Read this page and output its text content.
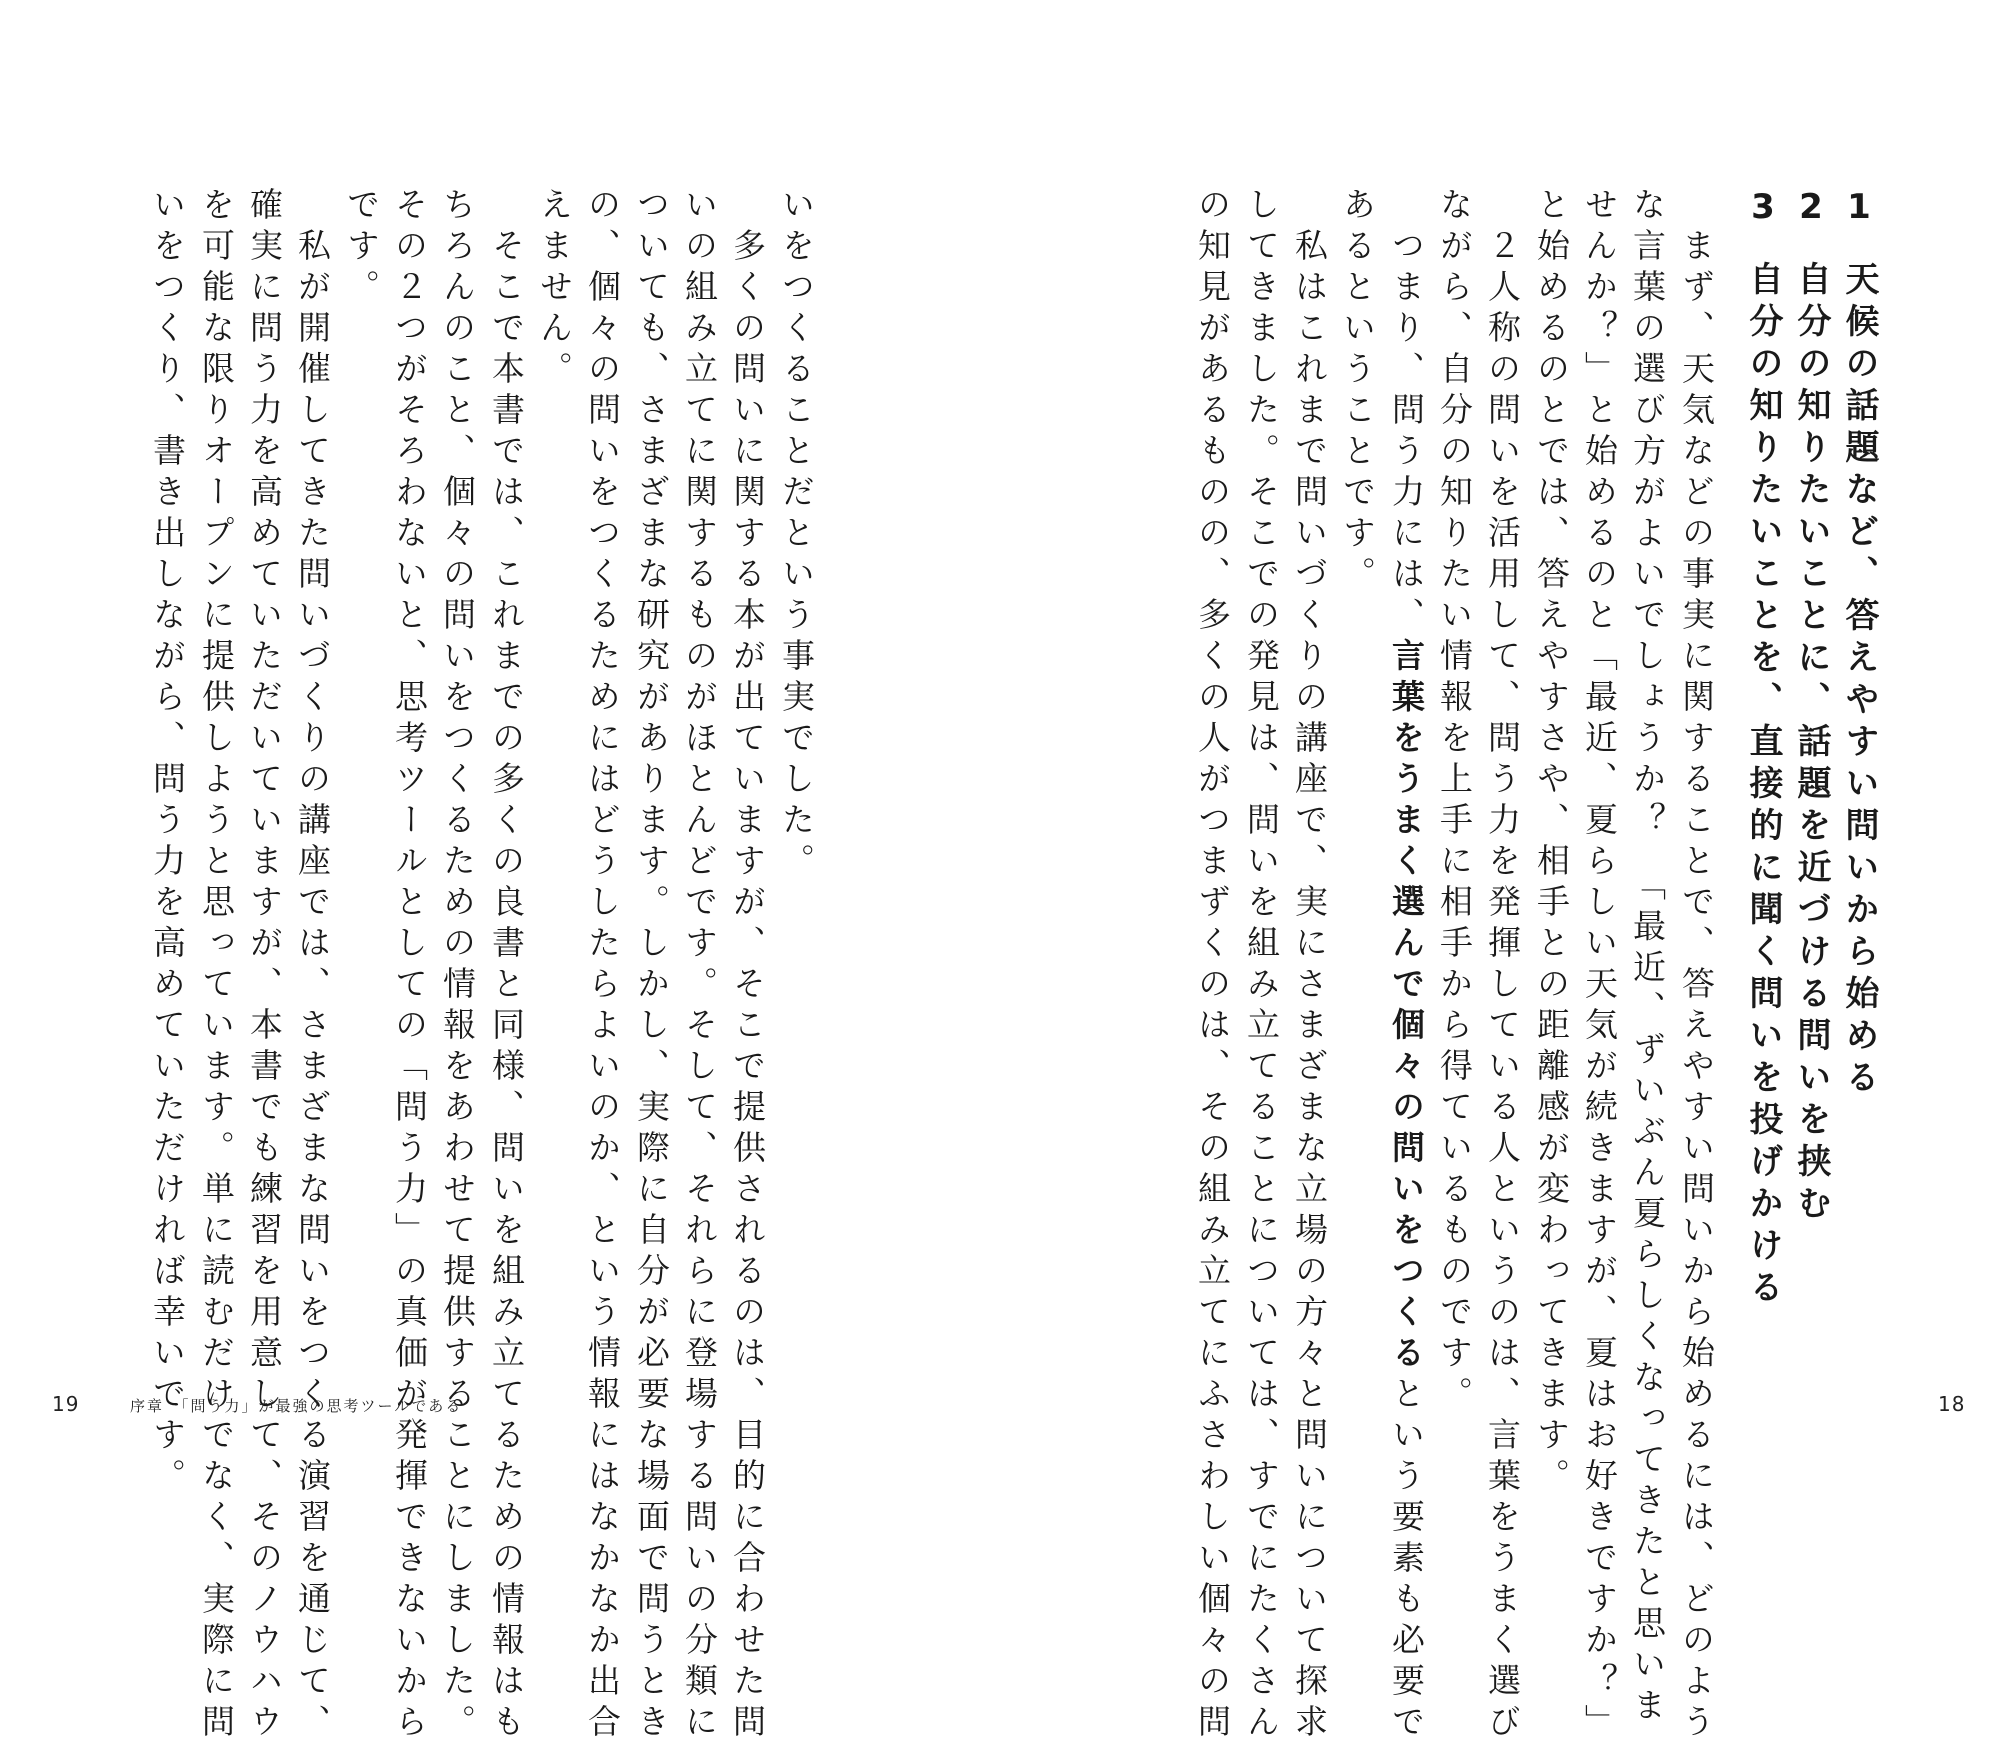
1天候の話題など、答えやすい問いから始める
2自分の知りたいことに、話題を近づける問いを挟む
3自分の知りたいことを、直接的に聞く問いを投げかける
　まず、天気などの事実に関することで、答えやすい問いから始めるには、どのよう
な言葉の選び方がよいでしょうか？　「最近、ずいぶん夏らしくなってきたと思いま
せんか？」と始めるのと「最近、夏らしい天気が続きますが、夏はお好きですか？」
と始めるのとでは、答えやすさや、相手との距離感が変わってきます。
　２人称の問いを活用して、問う力を発揮している人というのは、言葉をうまく選び
ながら、自分の知りたい情報を上手に相手から得ているものです。
　つまり、問う力には、言葉をうまく選んで個々の問いをつくるという要素も必要で
あるということです。
　私はこれまで問いづくりの講座で、実にさまざまな立場の方々と問いについて探求
してきました。そこでの発見は、問いを組み立てることについては、すでにたくさん
の知見があるものの、多くの人がつまずくのは、その組み立てにふさわしい個々の問	18
いをつくることだという事実でした。
　多くの問いに関する本が出ていますが、そこで提供されるのは、目的に合わせた問
いの組み立てに関するものがほとんどです。そして、それらに登場する問いの分類に
ついても、さまざまな研究があります。しかし、実際に自分が必要な場面で問うとき
の、個々の問いをつくるためにはどうしたらよいのか、という情報にはなかなか出合
えません。
　そこで本書では、これまでの多くの良書と同様、問いを組み立てるための情報はも
ちろんのこと、個々の問いをつくるための情報をあわせて提供することにしました。
その２つがそろわないと、思考ツールとしての「問う力」の真価が発揮できないから
です。
　私が開催してきた問いづくりの講座では、さまざまな問いをつくる演習を通じて、
確実に問う力を高めていただいていますが、本書でも練習を用意して、そのノウハウ
を可能な限りオープンに提供しようと思っています。単に読むだけでなく、実際に問
いをつくり、書き出しながら、問う力を高めていただければ幸いです。
19	序章　「問う力」が最強の思考ツールである
